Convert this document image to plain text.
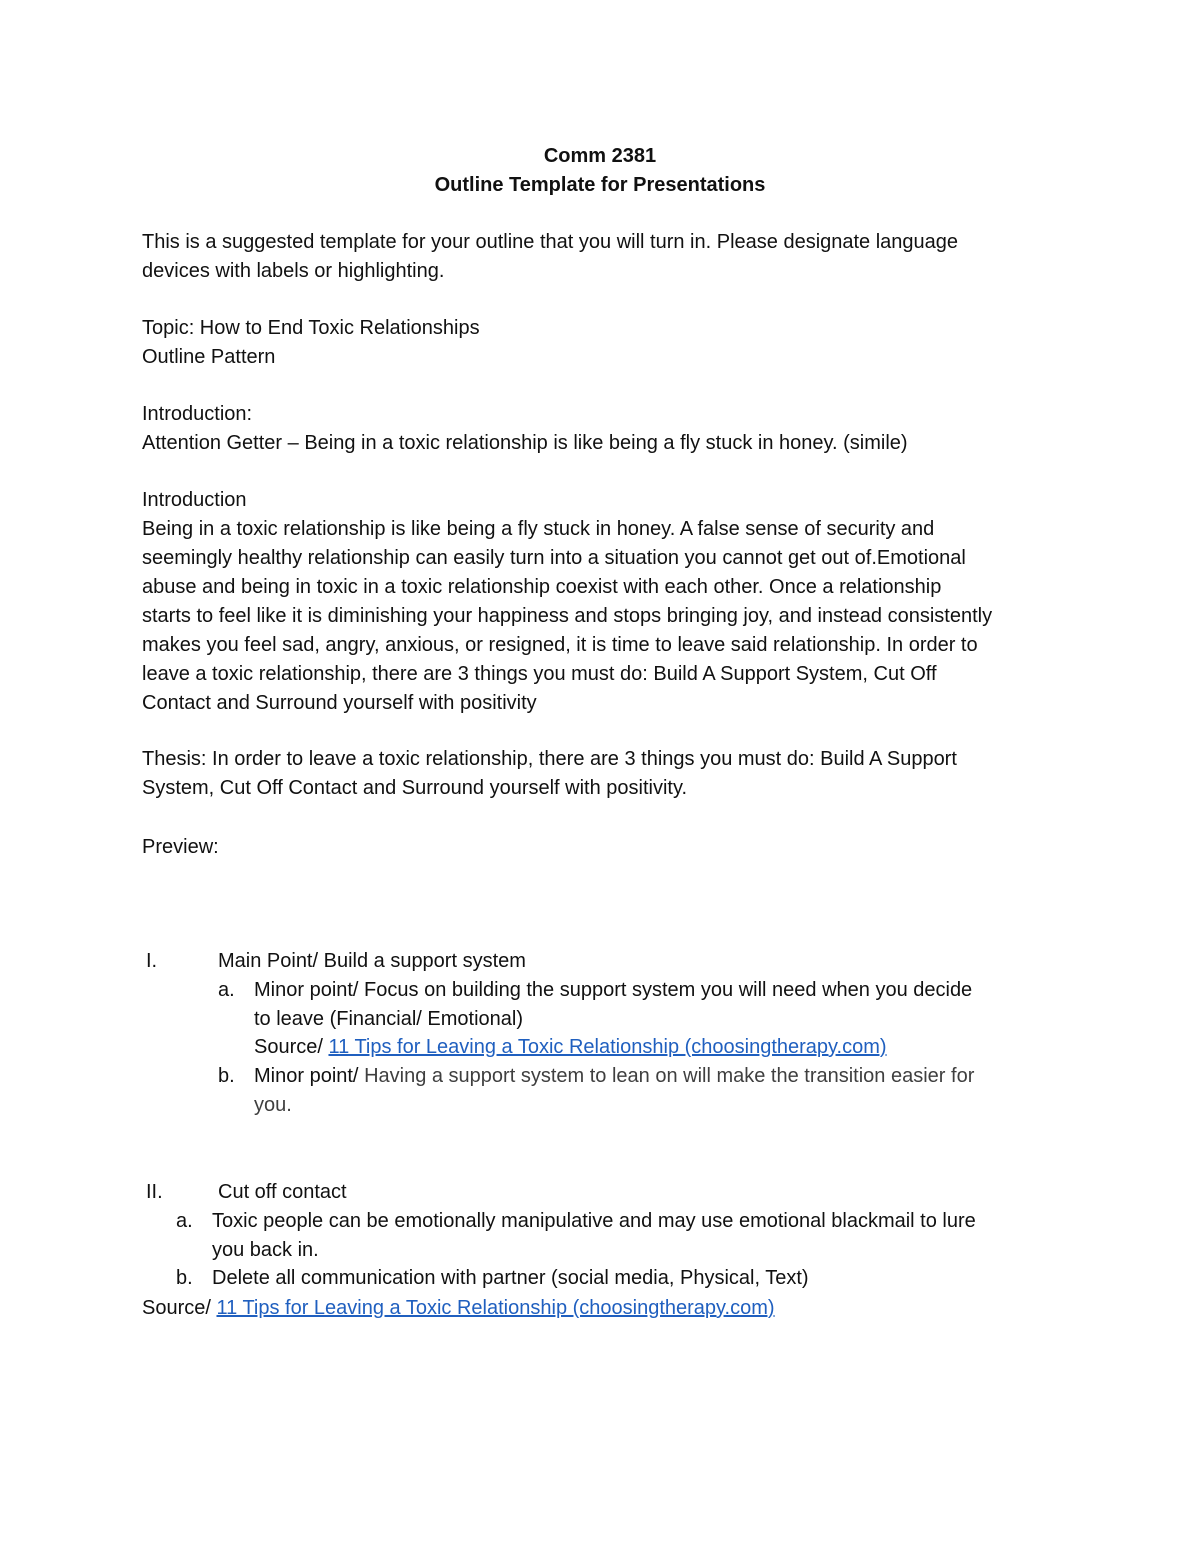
Comm 2381
Outline Template for Presentations
This is a suggested template for your outline that you will turn in. Please designate language
devices with labels or highlighting.
Topic: How to End Toxic Relationships
Outline Pattern
Introduction:
Attention Getter – Being in a toxic relationship is like being a fly stuck in honey. (simile)
Introduction
Being in a toxic relationship is like being a fly stuck in honey. A false sense of security and
seemingly healthy relationship can easily turn into a situation you cannot get out of.Emotional
abuse and being in toxic in a toxic relationship coexist with each other. Once a relationship
starts to feel like it is diminishing your happiness and stops bringing joy, and instead consistently
makes you feel sad, angry, anxious, or resigned, it is time to leave said relationship. In order to
leave a toxic relationship, there are 3 things you must do: Build A Support System, Cut Off
Contact and Surround yourself with positivity
Thesis: In order to leave a toxic relationship, there are 3 things you must do: Build A Support
System, Cut Off Contact and Surround yourself with positivity.
Preview:
I.	Main Point/ Build a support system
a. Minor point/ Focus on building the support system you will need when you decide
to leave (Financial/ Emotional)
Source/ 11 Tips for Leaving a Toxic Relationship (choosingtherapy.com)
b. Minor point/ Having a support system to lean on will make the transition easier for
you.
II.	Cut off contact
a. Toxic people can be emotionally manipulative and may use emotional blackmail to lure
you back in.
b. Delete all communication with partner (social media, Physical, Text)
Source/ 11 Tips for Leaving a Toxic Relationship (choosingtherapy.com)
